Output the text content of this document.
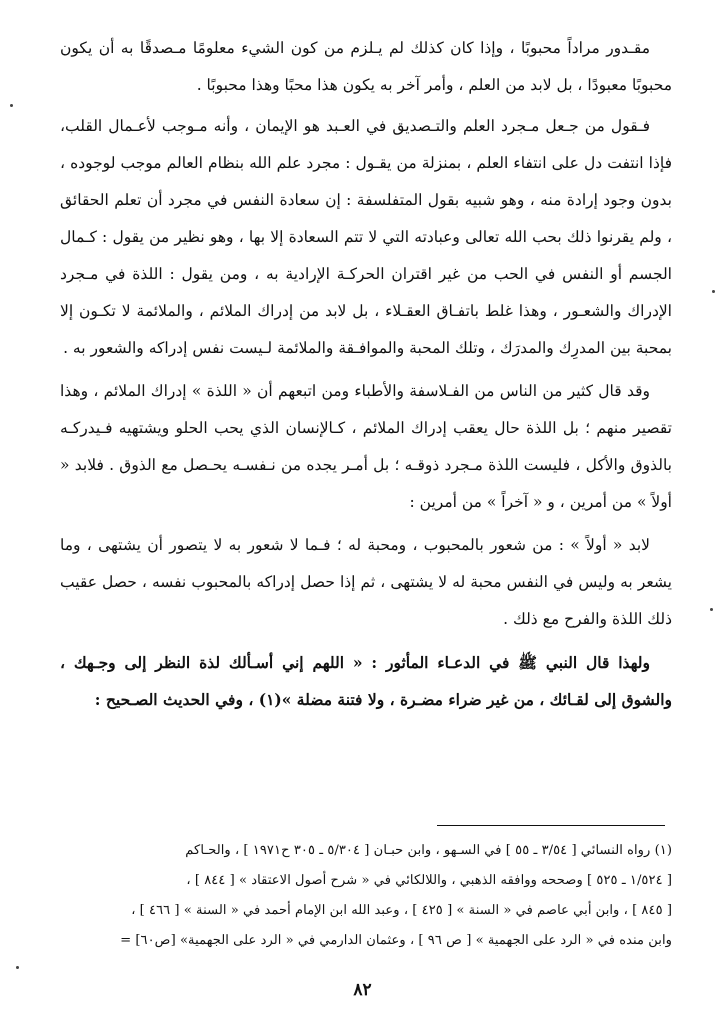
مقـدور مراداً محبوبًا ، وإذا كان كذلك لم يـلزم من كون الشيء معلومًا مـصدقًا به أن يكون محبوبًا معبودًا ، بل لابد من العلم ، وأمر آخر به يكون هذا محبًا وهذا محبوبًا .

فـقول من جـعل مـجرد العلم والتـصديق في العـبد هو الإيمان ، وأنه مـوجب لأعـمال القلب، فإذا انتفت دل على انتفاء العلم ، بمنزلة من يقـول : مجرد علم الله بنظام العالم موجب لوجوده ، بدون وجود إرادة منه ، وهو شبيه بقول المتفلسفة : إن سعادة النفس في مجرد أن تعلم الحقائق ، ولم يقرنوا ذلك بحب الله تعالى وعبادته التي لا تتم السعادة إلا بها ، وهو نظير من يقول : كـمال الجسم أو النفس في الحب من غير اقتران الحركـة الإرادية به ، ومن يقول : اللذة في مـجرد الإدراك والشعـور ، وهذا غلط باتفـاق العقـلاء ، بل لابد من إدراك الملائم ، والملائمة لا تكـون إلا بمحبة بين المدرِك والمدرَك ، وتلك المحبة والموافـقة والملائمة لـيست نفس إدراكه والشعور به .

وقد قال كثير من الناس من الفـلاسفة والأطباء ومن اتبعهم أن « اللذة » إدراك الملائم ، وهذا تقصير منهم ؛ بل اللذة حال يعقب إدراك الملائم ، كـالإنسان الذي يحب الحلو ويشتهيه فـيدركـه بالذوق والأكل ، فليست اللذة مـجرد ذوقـه ؛ بل أمـر يجده من نـفسـه يحـصل مع الذوق . فلابد « أولاً » من أمرين ، و « آخراً » من أمرين :

لابد « أولاً » : من شعور بالمحبوب ، ومحبة له ؛ فـما لا شعور به لا يتصور أن يشتهى ، وما يشعر به وليس في النفس محبة له لا يشتهى ، ثم إذا حصل إدراكه بالمحبوب نفسه ، حصل عقيب ذلك اللذة والفرح مع ذلك .

ولهذا قال النبي ﷺ في الدعـاء المأثور : « اللهم إني أسـألك لذة النظر إلى وجـهك ، والشوق إلى لقـائك ، من غير ضراء مضـرة ، ولا فتنة مضلة »(١) ، وفي الحديث الصـحيح :

(١) رواه النسائي [ ٣/٥٤ ـ ٥٥ ] في السـهو ، وابن حبـان [ ٥/٣٠٤ ـ ٣٠٥ ح١٩٧١ ] ، والحـاكم
[ ١/٥٢٤ ـ ٥٢٥ ] وصححه ووافقه الذهبي ، واللالكائي في « شرح أصول الاعتقاد » [ ٨٤٤ ] ،
[ ٨٤٥ ] ، وابن أبي عاصم في « السنة » [ ٤٢٥ ] ، وعبد الله ابن الإمام أحمد في « السنة » [ ٤٦٦ ] ،
وابن منده في « الرد على الجهمية » [ ص ٩٦ ] ، وعثمان الدارمي في « الرد على الجهمية» [ص٦٠] =
٨٢
